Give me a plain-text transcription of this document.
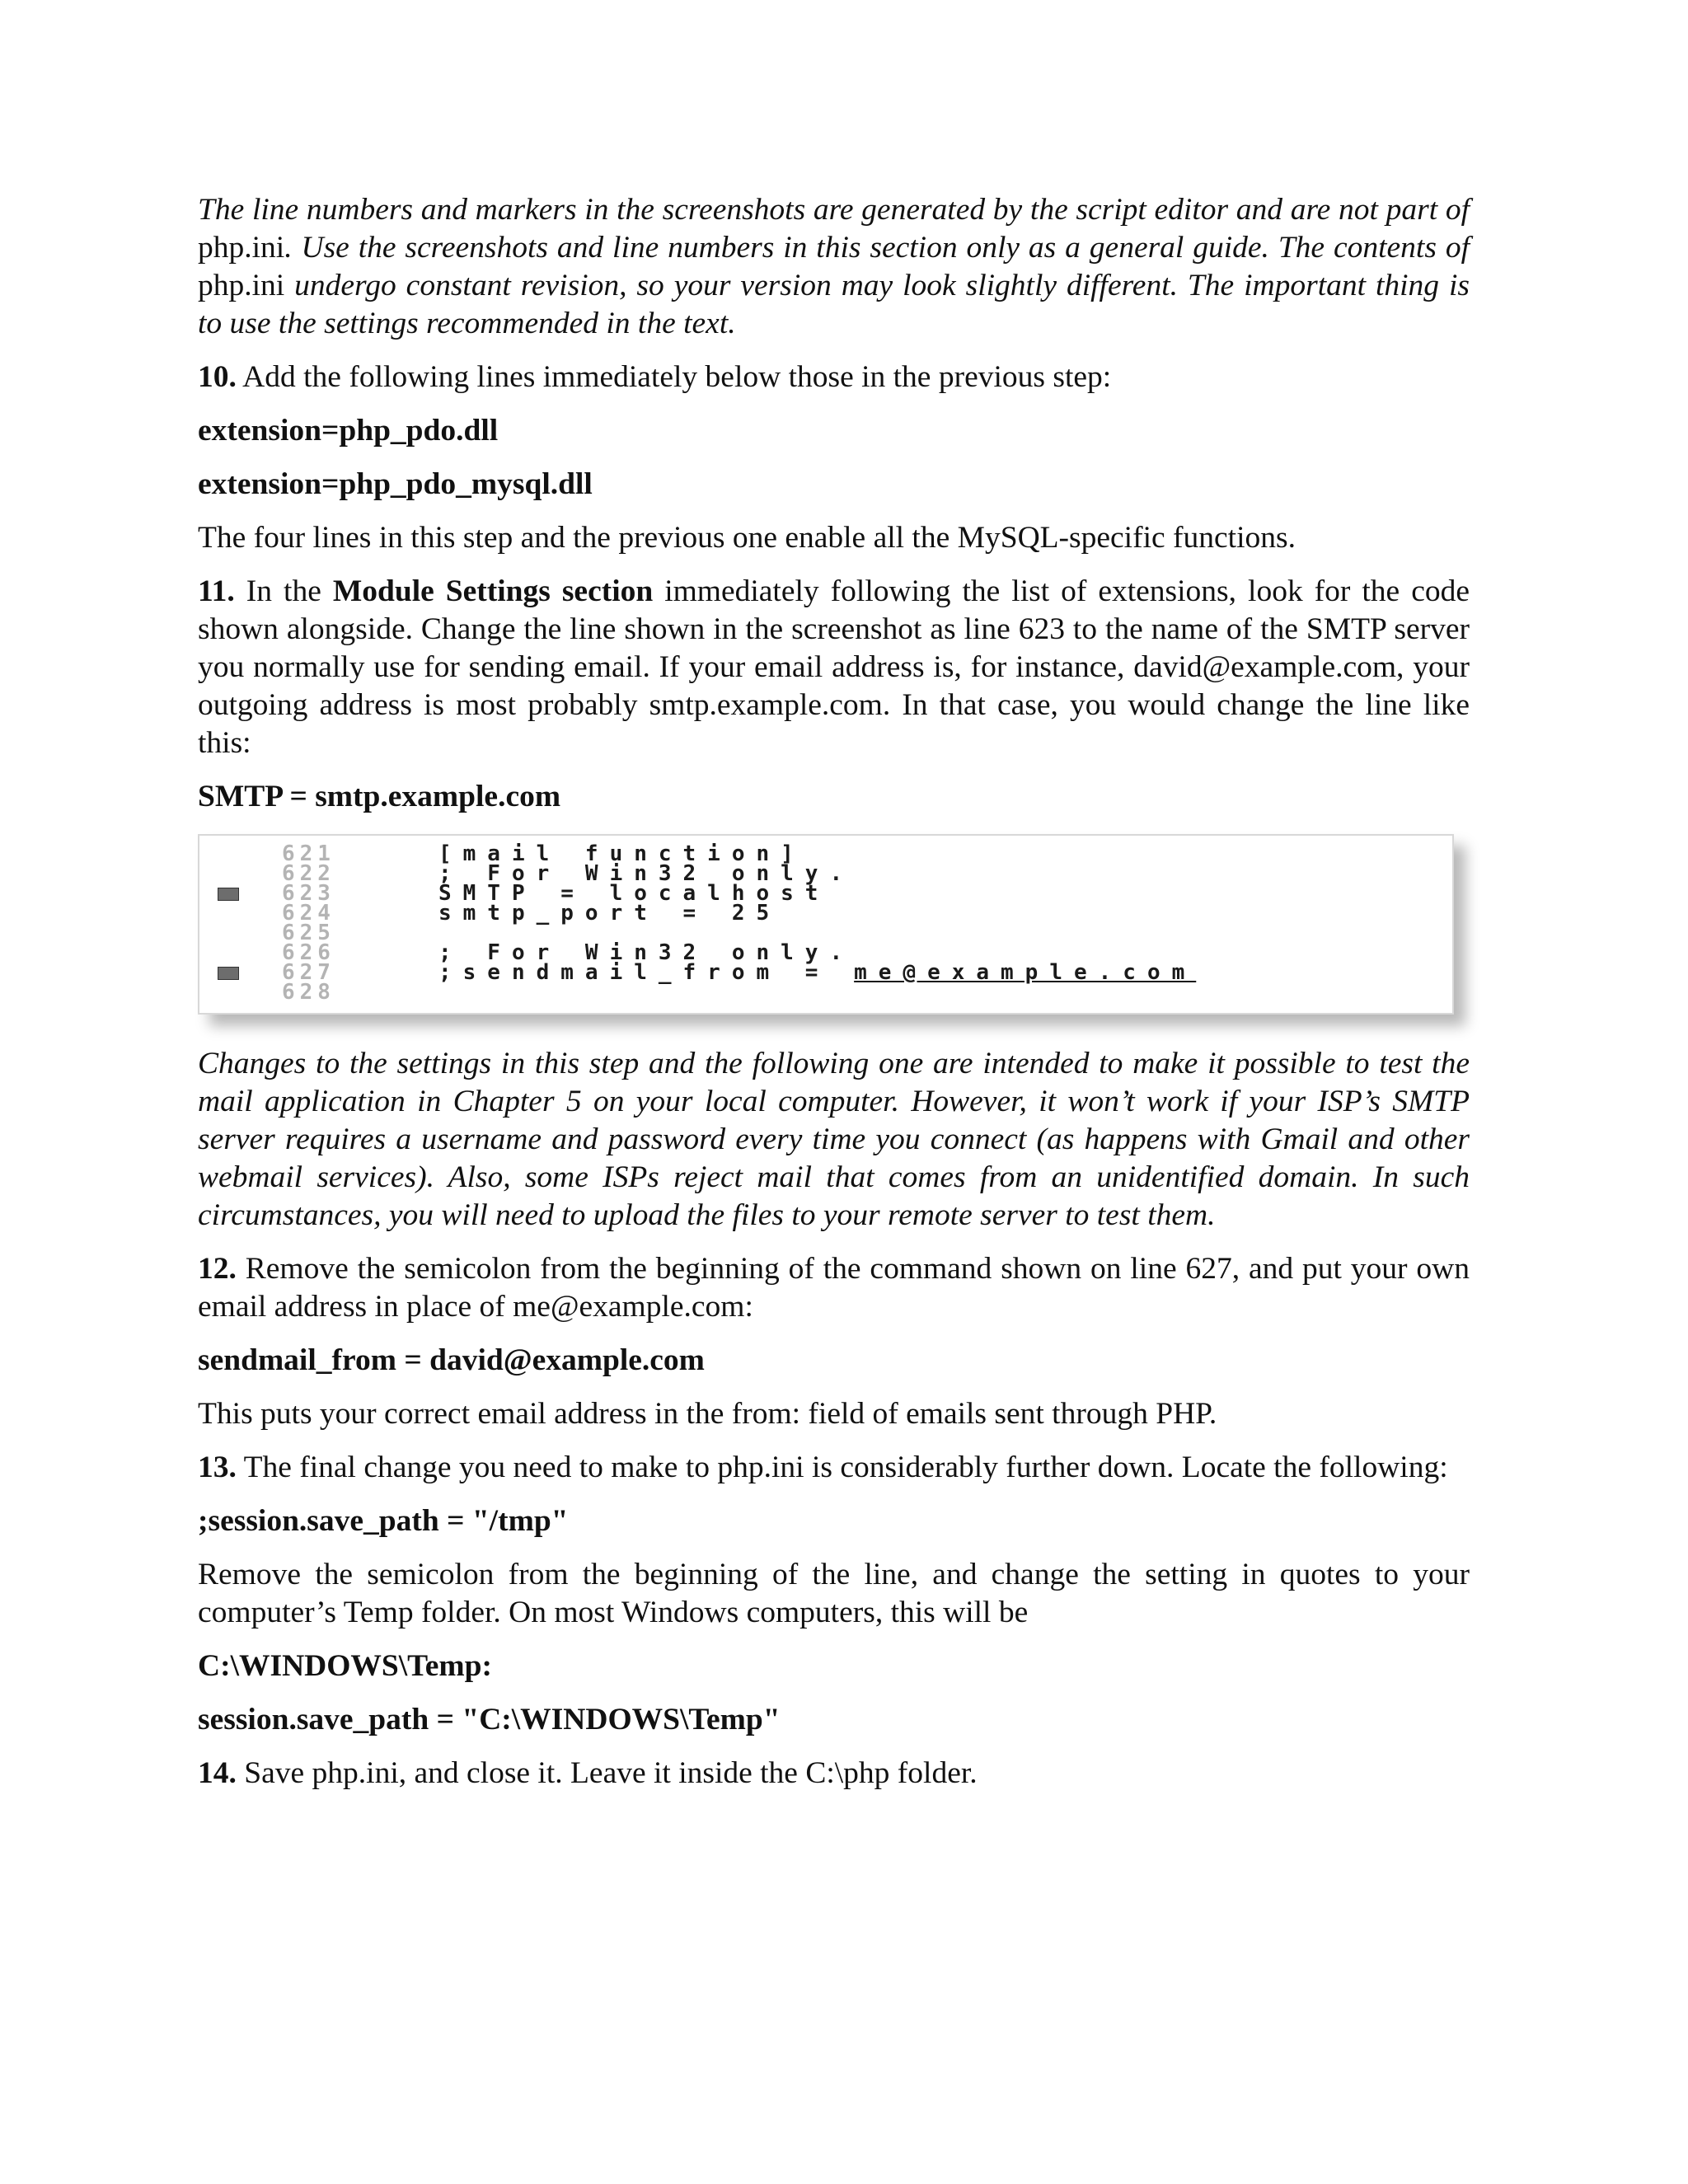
The line numbers and markers in the screenshots are generated by the script editor and are not part of php.ini. Use the screenshots and line numbers in this section only as a general guide. The contents of php.ini undergo constant revision, so your version may look slightly different. The important thing is to use the settings recommended in the text.

10. Add the following lines immediately below those in the previous step:

extension=php_pdo.dll

extension=php_pdo_mysql.dll

The four lines in this step and the previous one enable all the MySQL-specific functions.

11. In the Module Settings section immediately following the list of extensions, look for the code shown alongside. Change the line shown in the screenshot as line 623 to the name of the SMTP server you normally use for sending email. If your email address is, for instance, david@example.com, your outgoing address is most probably smtp.example.com. In that case, you would change the line like this:

SMTP = smtp.example.com

621	[mail function]
622	; For Win32 only.
623	SMTP = localhost
624	smtp_port = 25
625
626	; For Win32 only.
627	;sendmail_from = me@example.com
628

Changes to the settings in this step and the following one are intended to make it possible to test the mail application in Chapter 5 on your local computer. However, it won’t work if your ISP’s SMTP server requires a username and password every time you connect (as happens with Gmail and other webmail services). Also, some ISPs reject mail that comes from an unidentified domain. In such circumstances, you will need to upload the files to your remote server to test them.

12. Remove the semicolon from the beginning of the command shown on line 627, and put your own email address in place of me@example.com:

sendmail_from = david@example.com

This puts your correct email address in the from: field of emails sent through PHP.

13. The final change you need to make to php.ini is considerably further down. Locate the following:

;session.save_path = "/tmp"

Remove the semicolon from the beginning of the line, and change the setting in quotes to your computer’s Temp folder. On most Windows computers, this will be

C:\WINDOWS\Temp:

session.save_path = "C:\WINDOWS\Temp"

14. Save php.ini, and close it. Leave it inside the C:\php folder.
